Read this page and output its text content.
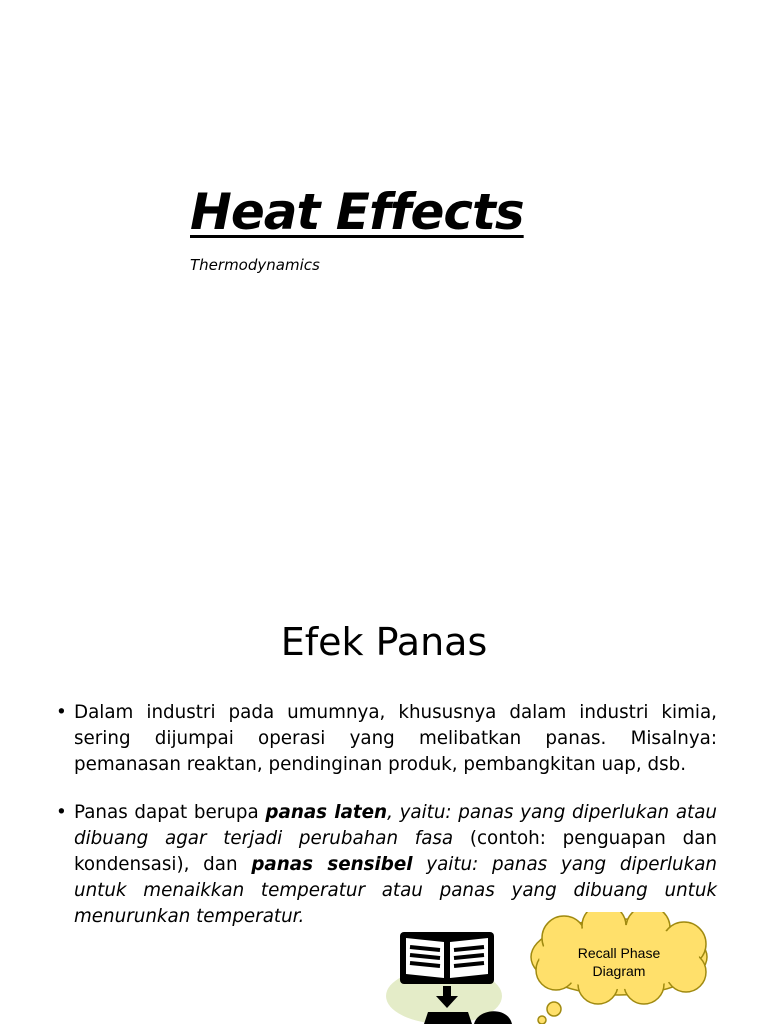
Heat Effects

Thermodynamics

Efek Panas
• Dalam industri pada umumnya, khususnya dalam industri kimia, sering dijumpai operasi yang melibatkan panas. Misalnya: pemanasan reaktan, pendinginan produk, pembangkitan uap, dsb.
• Panas dapat berupa panas laten, yaitu: panas yang diperlukan atau dibuang agar terjadi perubahan fasa (contoh: penguapan dan kondensasi), dan panas sensibel yaitu: panas yang diperlukan untuk menaikkan temperatur atau panas yang dibuang untuk menurunkan temperatur.
Recall Phase Diagram
